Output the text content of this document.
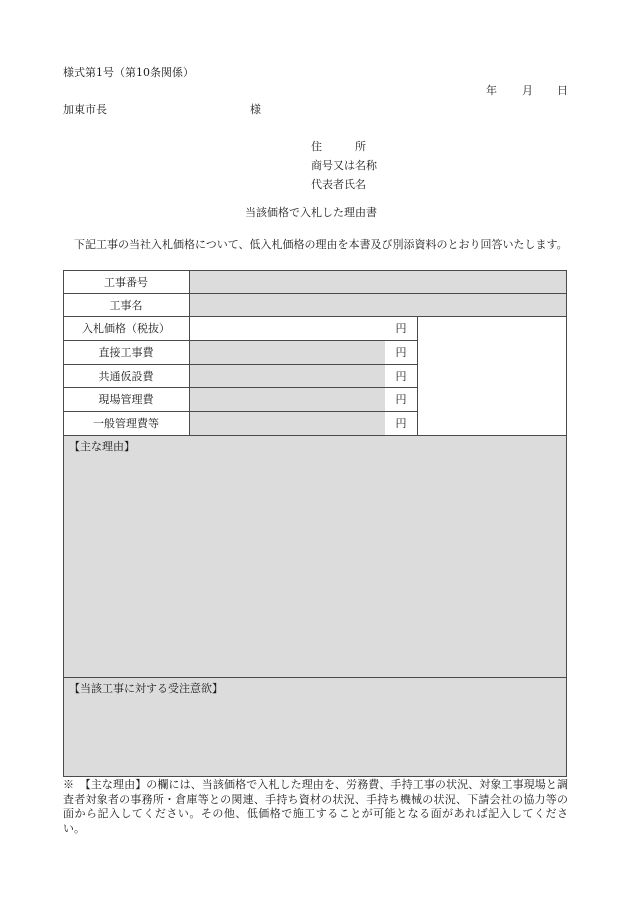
様式第1号（第10条関係）
年 月 日
加東市長	様
住　　　所
商号又は名称
代表者氏名
当該価格で入札した理由書
下記工事の当社入札価格について、低入札価格の理由を本書及び別添資料のとおり回答いたします。
工事番号
工事名
入札価格（税抜）
直接工事費
共通仮設費
現場管理費
一般管理費等
円
円
円
円
円
【主な理由】
【当該工事に対する受注意欲】
※　【主な理由】の欄には、当該価格で入札した理由を、労務費、手持工事の状況、対象工事現場と調査者対象者の事務所・倉庫等との関連、手持ち資材の状況、手持ち機械の状況、下請会社の協力等の面から記入してください。その他、低価格で施工することが可能となる面があれば記入してください。
